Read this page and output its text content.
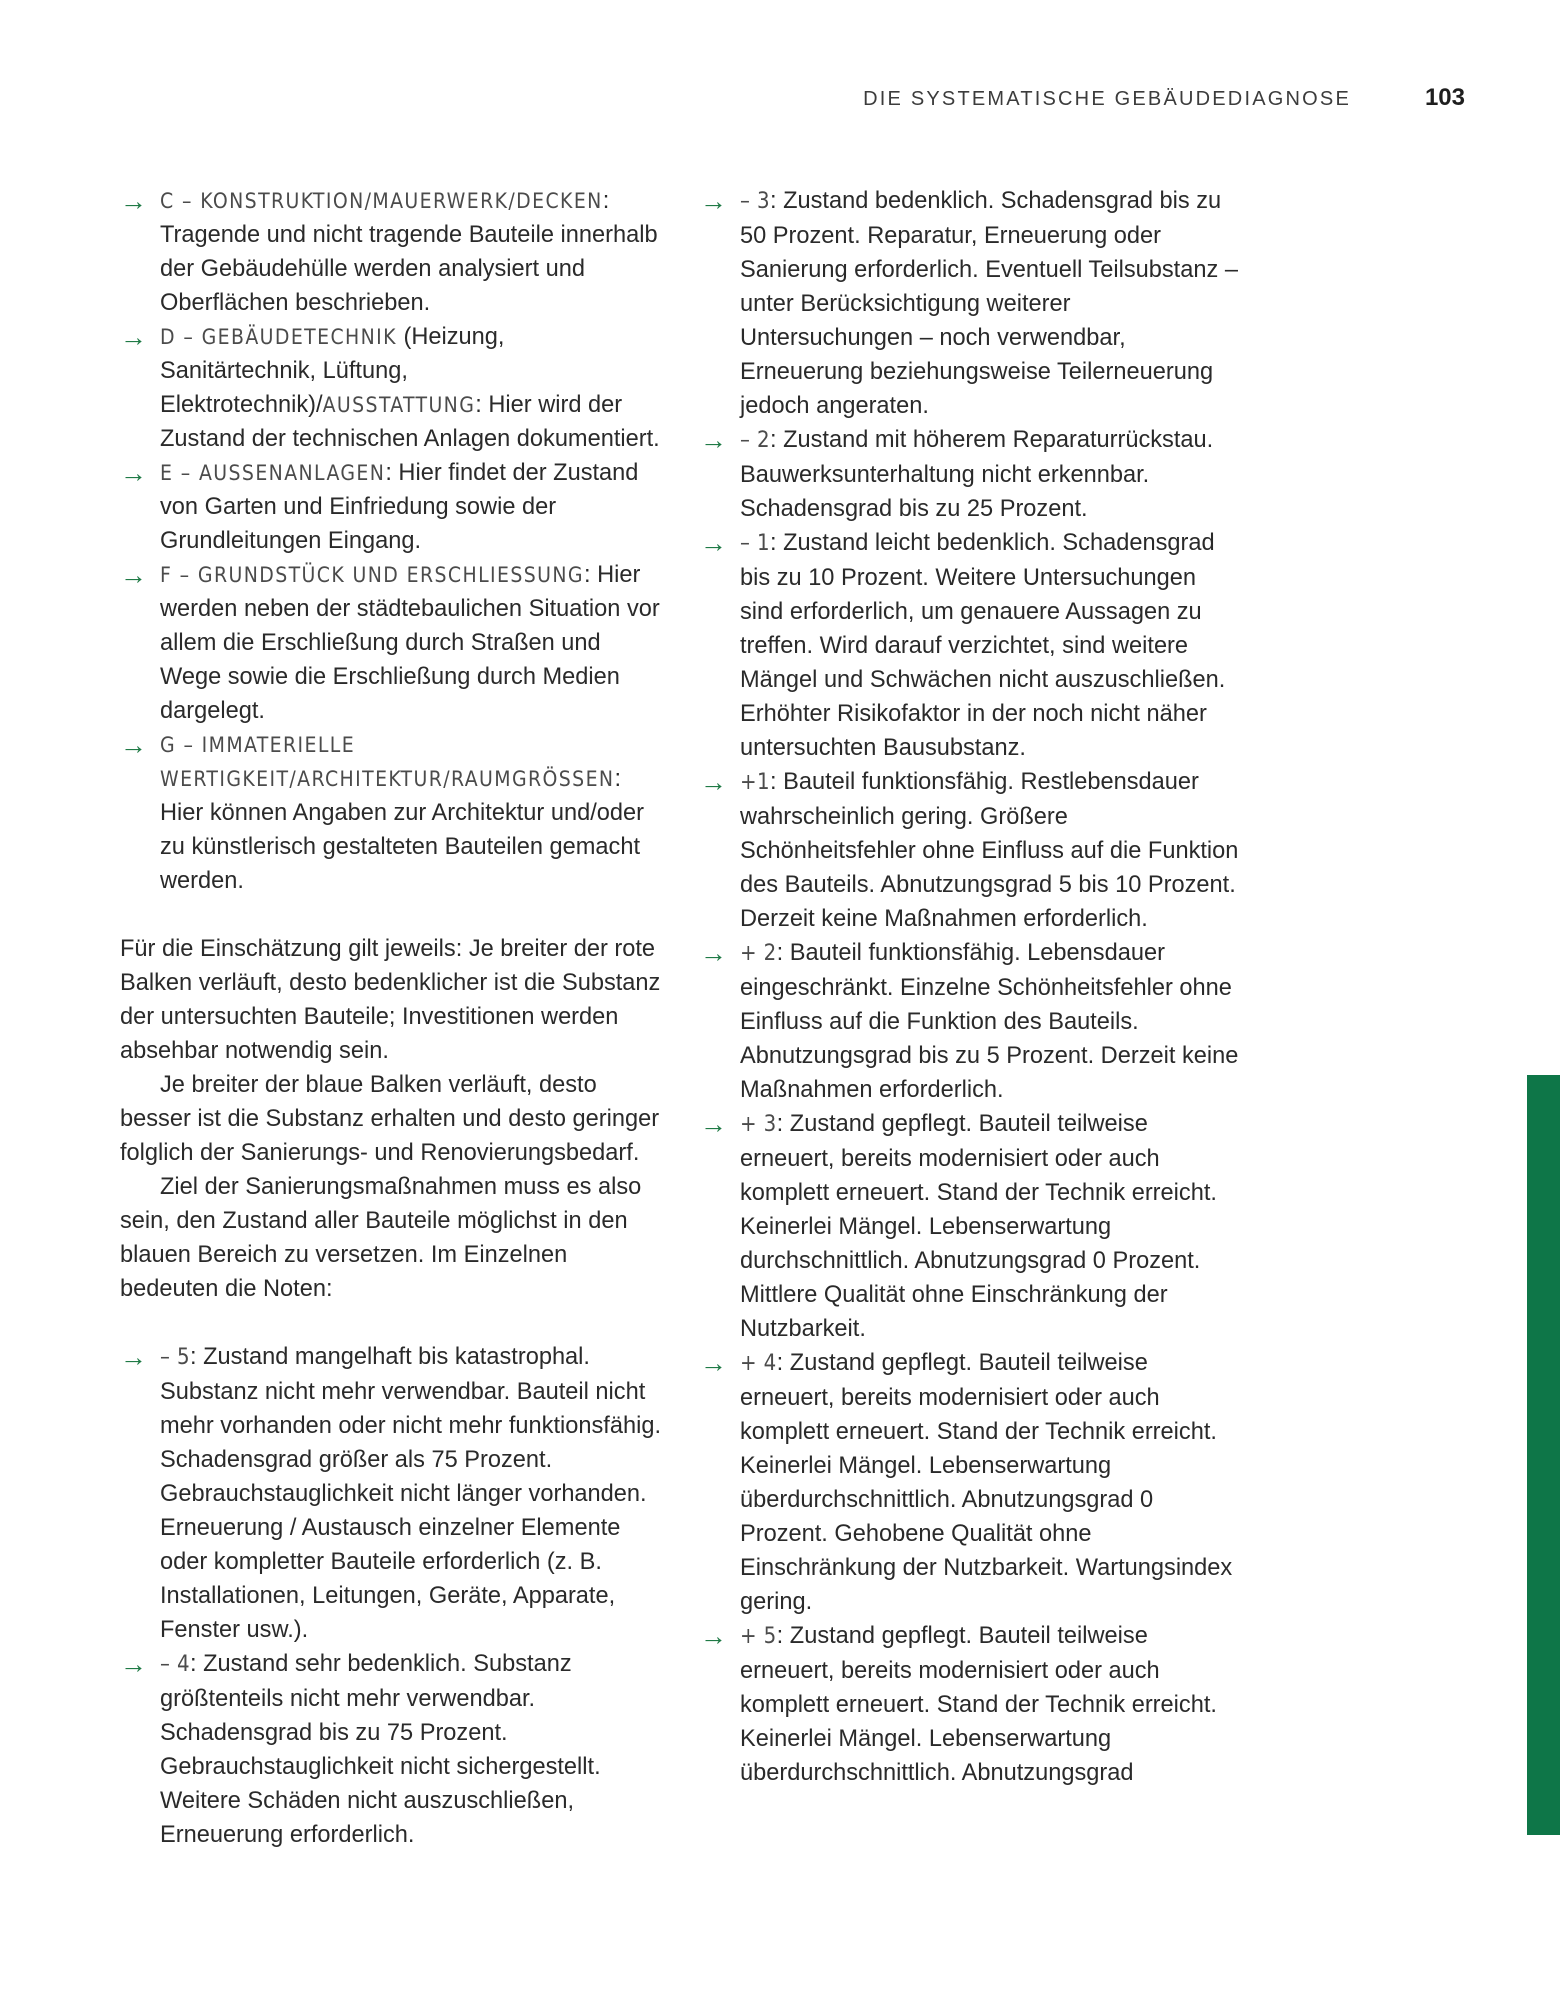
DIE SYSTEMATISCHE GEBÄUDEDIAGNOSE	103
→ C – KONSTRUKTION/MAUERWERK/DECKEN: Tragende und nicht tragende Bauteile innerhalb der Gebäudehülle werden analysiert und Oberflächen beschrieben.
→ D – GEBÄUDETECHNIK (Heizung, Sanitärtechnik, Lüftung, Elektrotechnik)/AUSSTATTUNG: Hier wird der Zustand der technischen Anlagen dokumentiert.
→ E – AUSSENANLAGEN: Hier findet der Zustand von Garten und Einfriedung sowie der Grundleitungen Eingang.
→ F – GRUNDSTÜCK UND ERSCHLIESSUNG: Hier werden neben der städtebaulichen Situation vor allem die Erschließung durch Straßen und Wege sowie die Erschließung durch Medien dargelegt.
→ G – IMMATERIELLE WERTIGKEIT/ARCHITEKTUR/RAUMGRÖSSEN: Hier können Angaben zur Architektur und/oder zu künstlerisch gestalteten Bauteilen gemacht werden.

Für die Einschätzung gilt jeweils: Je breiter der rote Balken verläuft, desto bedenklicher ist die Substanz der untersuchten Bauteile; Investitionen werden absehbar notwendig sein.

Je breiter der blaue Balken verläuft, desto besser ist die Substanz erhalten und desto geringer folglich der Sanierungs- und Renovierungsbedarf.

Ziel der Sanierungsmaßnahmen muss es also sein, den Zustand aller Bauteile möglichst in den blauen Bereich zu versetzen. Im Einzelnen bedeuten die Noten:

→ – 5: Zustand mangelhaft bis katastrophal. Substanz nicht mehr verwendbar. Bauteil nicht mehr vorhanden oder nicht mehr funktionsfähig. Schadensgrad größer als 75 Prozent. Gebrauchstauglichkeit nicht länger vorhanden. Erneuerung / Austausch einzelner Elemente oder kompletter Bauteile erforderlich (z. B. Installationen, Leitungen, Geräte, Apparate, Fenster usw.).
→ – 4: Zustand sehr bedenklich. Substanz größtenteils nicht mehr verwendbar. Schadensgrad bis zu 75 Prozent. Gebrauchstauglichkeit nicht sichergestellt. Weitere Schäden nicht auszuschließen, Erneuerung erforderlich.
→ – 3: Zustand bedenklich. Schadensgrad bis zu 50 Prozent. Reparatur, Erneuerung oder Sanierung erforderlich. Eventuell Teilsubstanz – unter Berücksichtigung weiterer Untersuchungen – noch verwendbar, Erneuerung beziehungsweise Teilerneuerung jedoch angeraten.
→ – 2: Zustand mit höherem Reparaturrückstau. Bauwerksunterhaltung nicht erkennbar. Schadensgrad bis zu 25 Prozent.
→ – 1: Zustand leicht bedenklich. Schadensgrad bis zu 10 Prozent. Weitere Untersuchungen sind erforderlich, um genauere Aussagen zu treffen. Wird darauf verzichtet, sind weitere Mängel und Schwächen nicht auszuschließen. Erhöhter Risikofaktor in der noch nicht näher untersuchten Bausubstanz.
→ +1: Bauteil funktionsfähig. Restlebensdauer wahrscheinlich gering. Größere Schönheitsfehler ohne Einfluss auf die Funktion des Bauteils. Abnutzungsgrad 5 bis 10 Prozent. Derzeit keine Maßnahmen erforderlich.
→ + 2: Bauteil funktionsfähig. Lebensdauer eingeschränkt. Einzelne Schönheitsfehler ohne Einfluss auf die Funktion des Bauteils. Abnutzungsgrad bis zu 5 Prozent. Derzeit keine Maßnahmen erforderlich.
→ + 3: Zustand gepflegt. Bauteil teilweise erneuert, bereits modernisiert oder auch komplett erneuert. Stand der Technik erreicht. Keinerlei Mängel. Lebenserwartung durchschnittlich. Abnutzungsgrad 0 Prozent. Mittlere Qualität ohne Einschränkung der Nutzbarkeit.
→ + 4: Zustand gepflegt. Bauteil teilweise erneuert, bereits modernisiert oder auch komplett erneuert. Stand der Technik erreicht. Keinerlei Mängel. Lebenserwartung überdurchschnittlich. Abnutzungsgrad 0 Prozent. Gehobene Qualität ohne Einschränkung der Nutzbarkeit. Wartungsindex gering.
→ + 5: Zustand gepflegt. Bauteil teilweise erneuert, bereits modernisiert oder auch komplett erneuert. Stand der Technik erreicht. Keinerlei Mängel. Lebenserwartung überdurchschnittlich. Abnutzungsgrad
